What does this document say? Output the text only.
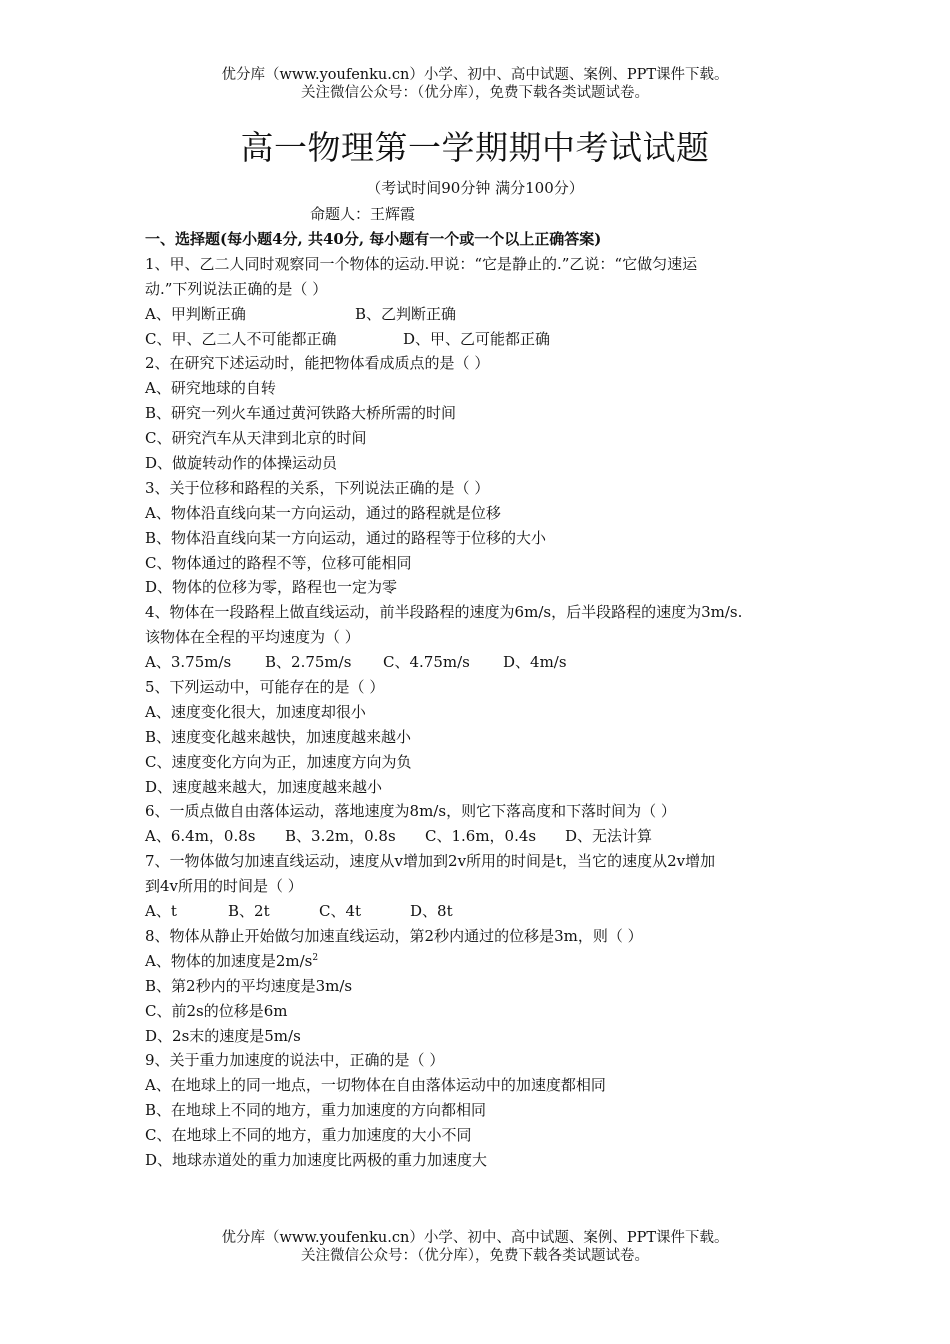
优分库（www.youfenku.cn）小学、初中、高中试题、案例、PPT课件下载。
关注微信公众号：（优分库），免费下载各类试题试卷。
高一物理第一学期期中考试试题
（考试时间90分钟 满分100分）
命题人：王辉霞
一、选择题(每小题4分, 共40分, 每小题有一个或一个以上正确答案)
1、甲、乙二人同时观察同一个物体的运动.甲说：“它是静止的.”乙说：“它做匀速运
动.”下列说法正确的是（ ）
A、甲判断正确	B、乙判断正确
C、甲、乙二人不可能都正确	D、甲、乙可能都正确
2、在研究下述运动时，能把物体看成质点的是（ ）
A、研究地球的自转
B、研究一列火车通过黄河铁路大桥所需的时间
C、研究汽车从天津到北京的时间
D、做旋转动作的体操运动员
3、关于位移和路程的关系，下列说法正确的是（ ）
A、物体沿直线向某一方向运动，通过的路程就是位移
B、物体沿直线向某一方向运动，通过的路程等于位移的大小
C、物体通过的路程不等，位移可能相同
D、物体的位移为零，路程也一定为零
4、物体在一段路程上做直线运动，前半段路程的速度为6m/s，后半段路程的速度为3m/s.
该物体在全程的平均速度为（ ）
A、3.75m/s B、2.75m/s C、4.75m/s D、4m/s
5、下列运动中，可能存在的是（ ）
A、速度变化很大，加速度却很小
B、速度变化越来越快，加速度越来越小
C、速度变化方向为正，加速度方向为负
D、速度越来越大，加速度越来越小
6、一质点做自由落体运动，落地速度为8m/s，则它下落高度和下落时间为（ ）
A、6.4m，0.8s B、3.2m，0.8s C、1.6m，0.4s D、无法计算
7、一物体做匀加速直线运动，速度从v增加到2v所用的时间是t，当它的速度从2v增加
到4v所用的时间是（ ）
A、t	B、2t	C、4t	D、8t
8、物体从静止开始做匀加速直线运动，第2秒内通过的位移是3m，则（ ）
A、物体的加速度是$2m/s^2$
B、第2秒内的平均速度是3m/s
C、前2s的位移是6m
D、2s末的速度是5m/s
9、关于重力加速度的说法中，正确的是（ ）
A、在地球上的同一地点，一切物体在自由落体运动中的加速度都相同
B、在地球上不同的地方，重力加速度的方向都相同
C、在地球上不同的地方，重力加速度的大小不同
D、地球赤道处的重力加速度比两极的重力加速度大
优分库（www.youfenku.cn）小学、初中、高中试题、案例、PPT课件下载。
关注微信公众号：（优分库），免费下载各类试题试卷。
